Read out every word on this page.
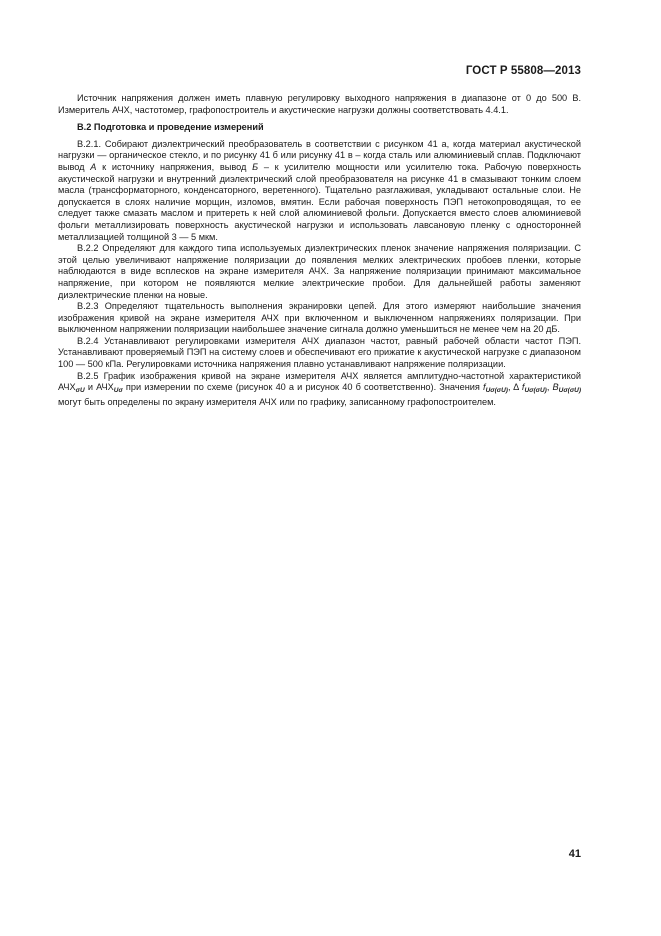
ГОСТ Р 55808—2013

Источник напряжения должен иметь плавную регулировку выходного напряжения в диапазоне от 0 до 500 В. Измеритель АЧХ, частотомер, графопостроитель и акустические нагрузки должны соответствовать 4.4.1.

В.2 Подготовка и проведение измерений

В.2.1. Собирают диэлектрический преобразователь в соответствии с рисунком 41 а, когда материал акустической нагрузки — органическое стекло, и по рисунку 41 б или рисунку 41 в – когда сталь или алюминиевый сплав. Подключают вывод А к источнику напряжения, вывод Б – к усилителю мощности или усилителю тока. Рабочую поверхность акустической нагрузки и внутренний диэлектрический слой преобразователя на рисунке 41 в смазывают тонким слоем масла (трансформаторного, конденсаторного, веретенного). Тщательно разглаживая, укладывают остальные слои. Не допускается в слоях наличие морщин, изломов, вмятин. Если рабочая поверхность ПЭП нетокопроводящая, то ее следует также смазать маслом и притереть к ней слой алюминиевой фольги. Допускается вместо слоев алюминиевой фольги металлизировать поверхность акустической нагрузки и использовать лавсановую пленку с односторонней металлизацией толщиной 3 — 5 мкм.

В.2.2 Определяют для каждого типа используемых диэлектрических пленок значение напряжения поляризации. С этой целью увеличивают напряжение поляризации до появления мелких электрических пробоев пленки, которые наблюдаются в виде всплесков на экране измерителя АЧХ. За напряжение поляризации принимают максимальное напряжение, при котором не появляются мелкие электрические пробои. Для дальнейшей работы заменяют диэлектрические пленки на новые.

В.2.3 Определяют тщательность выполнения экранировки цепей. Для этого измеряют наибольшие значения изображения кривой на экране измерителя АЧХ при включенном и выключенном напряжениях поляризации. При выключенном напряжении поляризации наибольшее значение сигнала должно уменьшиться не менее чем на 20 дБ.

В.2.4 Устанавливают регулировками измерителя АЧХ диапазон частот, равный рабочей области частот ПЭП. Устанавливают проверяемый ПЭП на систему слоев и обеспечивают его прижатие к акустической нагрузке с диапазоном 100 — 500 кПа. Регулировками источника напряжения плавно устанавливают напряжение поляризации.

В.2.5 График изображения кривой на экране измерителя АЧХ является амплитудно-частотной характеристикой $АЧХ_{\sigma U}$ и $АЧХ_{U\sigma}$ при измерении по схеме (рисунок 40 а и рисунок 40 б соответственно). Значения $f_{U\sigma(\sigma U)}$, Δ $f_{U\sigma(\sigma U)}$, $B_{U\sigma(\sigma U)}$ могут быть определены по экрану измерителя АЧХ или по графику, записанному графопостроителем.

41
